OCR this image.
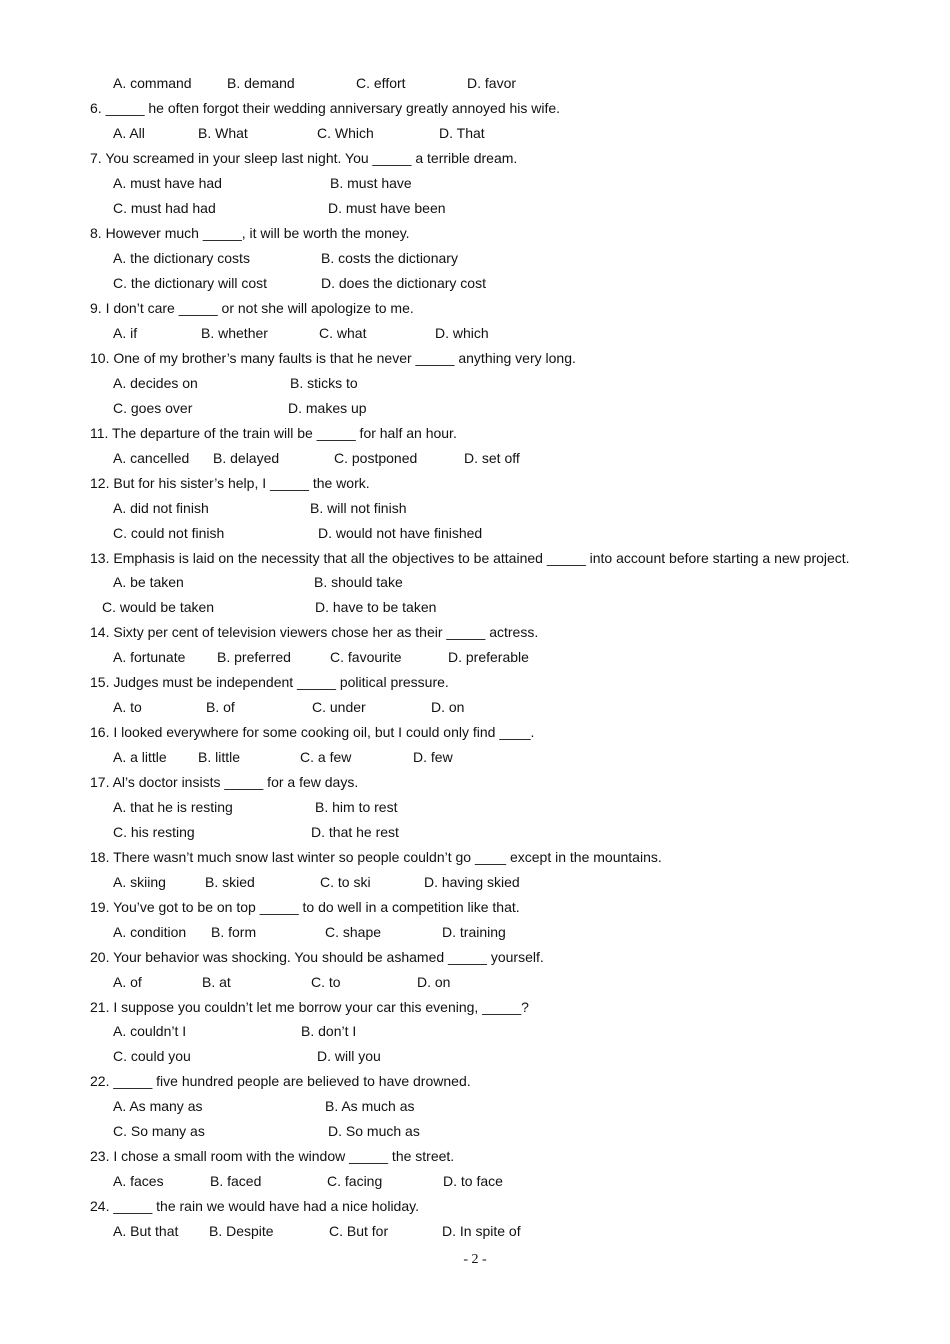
- 2 -
A. command	B. demand	C. effort	D. favor
6. _____ he often forgot their wedding anniversary greatly annoyed his wife.
A. All	B. What	C. Which	D. That
7. You screamed in your sleep last night. You _____ a terrible dream.
A. must have had	B. must have
C. must had had	D. must have been
8. However much _____, it will be worth the money.
A. the dictionary costs	B. costs the dictionary
C. the dictionary will cost	D. does the dictionary cost
9. I don’t care _____ or not she will apologize to me.
A. if	B. whether	C. what	D. which
10. One of my brother’s many faults is that he never _____ anything very long.
A. decides on	B. sticks to
C. goes over	D. makes up
11. The departure of the train will be _____ for half an hour.
A. cancelled B. delayed	C. postponed	D. set off
12. But for his sister’s help, I _____ the work.
A. did not finish	B. will not finish
C. could not finish	D. would not have finished
13. Emphasis is laid on the necessity that all the objectives to be attained _____ into account before starting a new project.
A. be taken	B. should take
C. would be taken	D. have to be taken
14. Sixty per cent of television viewers chose her as their _____ actress.
A. fortunate B. preferred	C. favourite	D. preferable
15. Judges must be independent _____ political pressure.
A. to	B. of	C. under	D. on
16. I looked everywhere for some cooking oil, but I could only find ____.
A. a little B. little	C. a few	D. few
17. Al’s doctor insists _____ for a few days.
A. that he is resting	B. him to rest
C. his resting	D. that he rest
18. There wasn’t much snow last winter so people couldn’t go ____ except in the mountains.
A. skiing	B. skied	C. to ski	D. having skied
19. You’ve got to be on top _____ to do well in a competition like that.
A. condition B. form	C. shape	D. training
20. Your behavior was shocking. You should be ashamed _____ yourself.
A. of	B. at	C. to	D. on
21. I suppose you couldn’t let me borrow your car this evening, _____?
A. couldn’t I	B. don’t I
C. could you	D. will you
22. _____ five hundred people are believed to have drowned.
A. As many as	B. As much as
C. So many as	D. So much as
23. I chose a small room with the window _____ the street.
A. faces	B. faced	C. facing	D. to face
24. _____ the rain we would have had a nice holiday.
A. But that B. Despite	C. But for	D. In spite of
